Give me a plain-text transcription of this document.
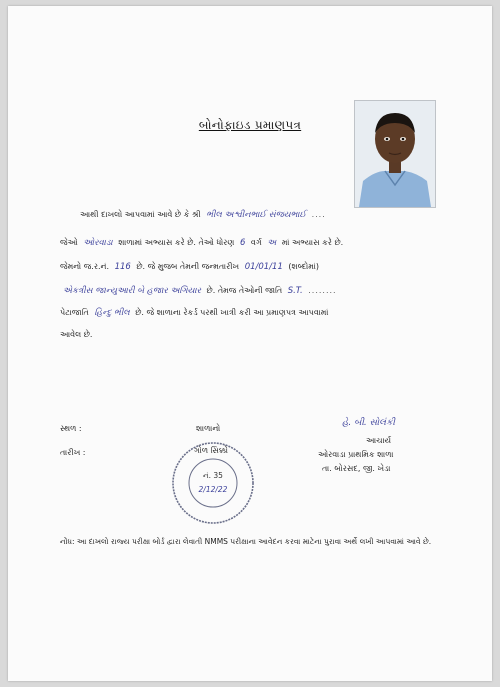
બોનોફાઇડ પ્રમાણપત્ર
આથી દાખલો આપવામાં આવે છે કે શ્રી ભીલ અશ્વીનભાઈ સંજયભાઈ ....
જેઓ ઓરવાડા શાળામાં અભ્યાસ કરે છે. તેઓ ધોરણ 6 વર્ગ અ માં અભ્યાસ કરે છે.
જેમનો જ.ર.નં. 116 છે. જે મુજબ તેમની જન્મતારીખ 01/01/11 (શબ્દોમાં)
એકત્રીસ જાન્યુઆરી બે હજાર અગિયાર છે. તેમજ તેઓની જાતિ S.T. ........
પેટાજાતિ હિન્દુ ભીલ છે. જે શાળાના રેકર્ડ પરથી ખાત્રી કરી આ પ્રમાણપત્ર આપવામાં
આવેલ છે.
સ્થળ :
તારીખ :
શાળાનો
ગોળ સિક્કો
નં. 35
2/12/22
હે. બી. સોલંકી
આચાર્ય
ઓરવાડા પ્રાથમિક શાળા
તા. બોરસદ, જી. ખેડા
નોંધ: આ દાખલો રાજ્ય પરીક્ષા બોર્ડ દ્વારા લેવાતી NMMS પરીક્ષાના આવેદન કરવા માટેના પુરાવા અર્થે લખી આપવામાં આવે છે.
